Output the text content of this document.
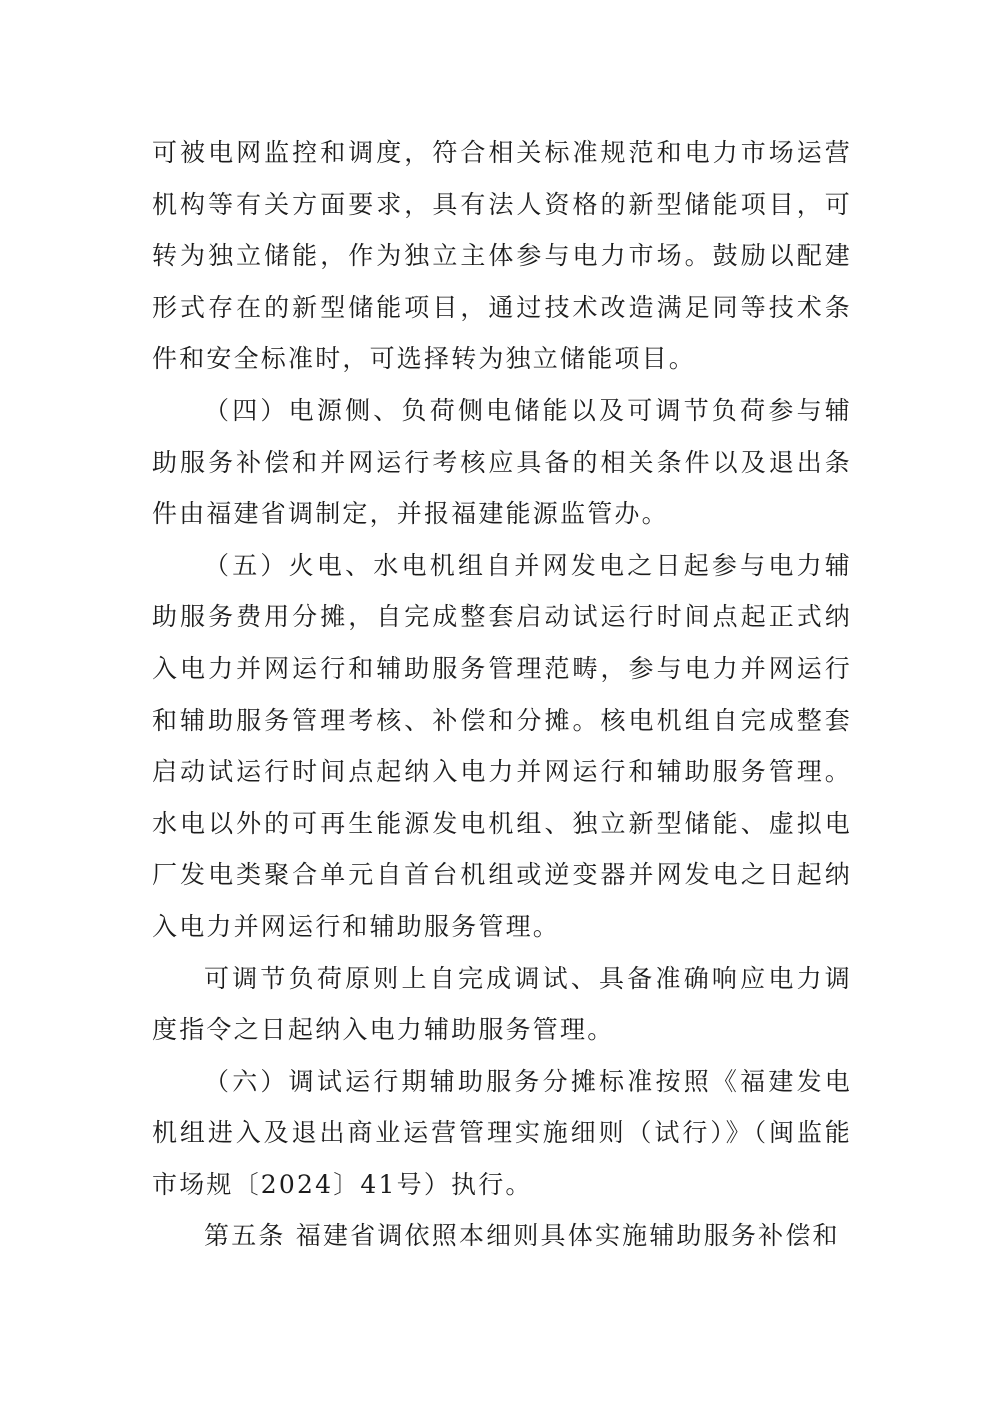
可被电网监控和调度，符合相关标准规范和电力市场运营机构等有关方面要求，具有法人资格的新型储能项目，可转为独立储能，作为独立主体参与电力市场。鼓励以配建形式存在的新型储能项目，通过技术改造满足同等技术条件和安全标准时，可选择转为独立储能项目。

（四）电源侧、负荷侧电储能以及可调节负荷参与辅助服务补偿和并网运行考核应具备的相关条件以及退出条件由福建省调制定，并报福建能源监管办。

（五）火电、水电机组自并网发电之日起参与电力辅助服务费用分摊，自完成整套启动试运行时间点起正式纳入电力并网运行和辅助服务管理范畴，参与电力并网运行和辅助服务管理考核、补偿和分摊。核电机组自完成整套启动试运行时间点起纳入电力并网运行和辅助服务管理。水电以外的可再生能源发电机组、独立新型储能、虚拟电厂发电类聚合单元自首台机组或逆变器并网发电之日起纳入电力并网运行和辅助服务管理。

可调节负荷原则上自完成调试、具备准确响应电力调度指令之日起纳入电力辅助服务管理。

（六）调试运行期辅助服务分摊标准按照《福建发电机组进入及退出商业运营管理实施细则（试行）》（闽监能市场规〔2024〕41号）执行。

第五条 福建省调依照本细则具体实施辅助服务补偿和
